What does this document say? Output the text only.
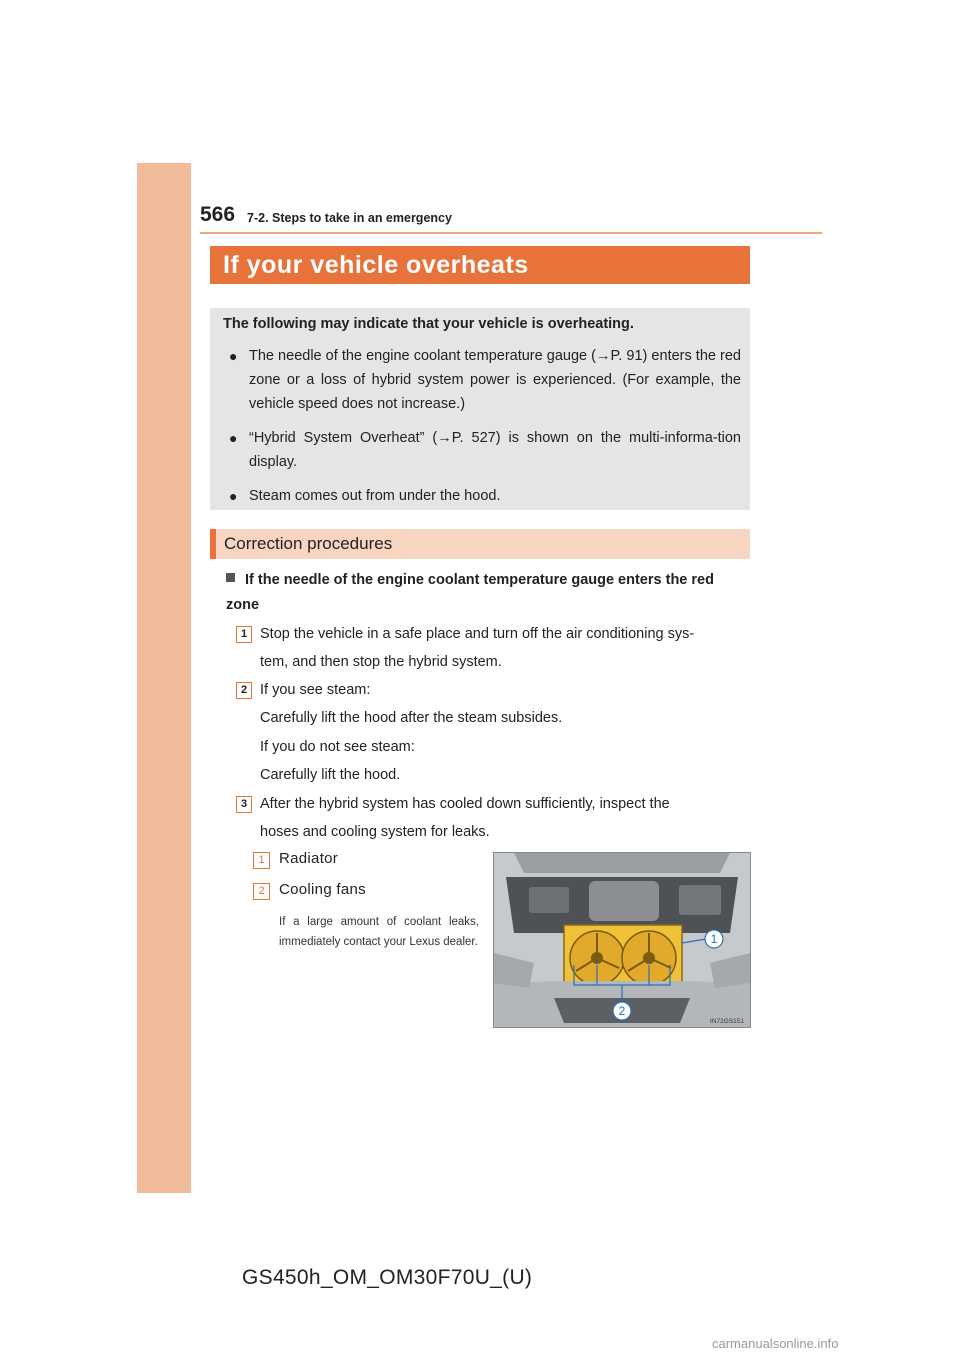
566 7-2. Steps to take in an emergency
If your vehicle overheats

The following may indicate that your vehicle is overheating.

● The needle of the engine coolant temperature gauge (→P. 91) enters the red zone or a loss of hybrid system power is experienced. (For example, the vehicle speed does not increase.)
● “Hybrid System Overheat” (→P. 527) is shown on the multi-informa-tion display.
● Steam comes out from under the hood.
Correction procedures
If the needle of the engine coolant temperature gauge enters the red zone
1 Stop the vehicle in a safe place and turn off the air conditioning sys-
tem, and then stop the hybrid system.
2 If you see steam:
Carefully lift the hood after the steam subsides.
If you do not see steam:
Carefully lift the hood.
3 After the hybrid system has cooled down sufficiently, inspect the
hoses and cooling system for leaks.
1 Radiator
2 Cooling fans
If a large amount of coolant leaks, immediately contact your Lexus dealer.	1
2
IN72GS151
GS450h_OM_OM30F70U_(U)
carmanualsonline.info
